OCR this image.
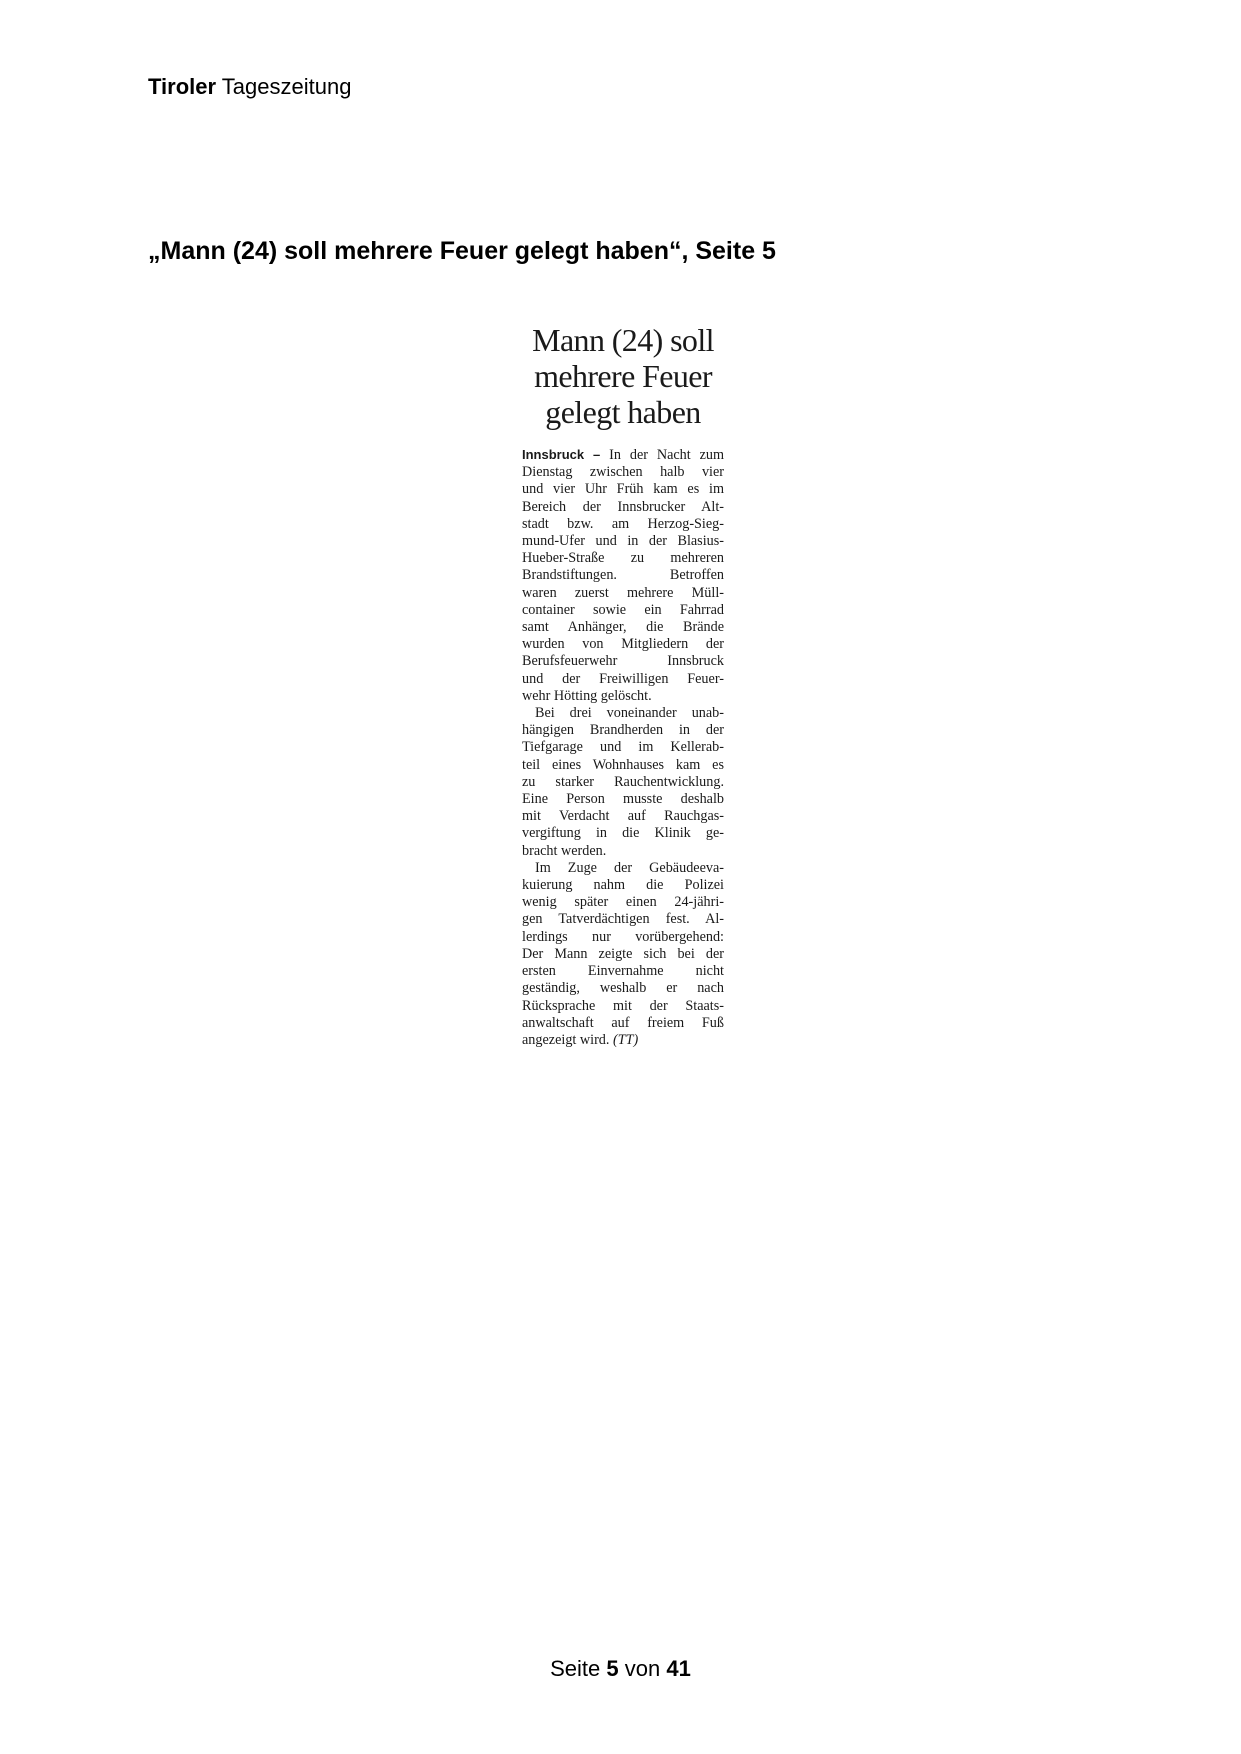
Tiroler Tageszeitung
„Mann (24) soll mehrere Feuer gelegt haben“, Seite 5
Mann (24) soll
mehrere Feuer
gelegt haben
Innsbruck – In der Nacht zum
Dienstag zwischen halb vier
und vier Uhr Früh kam es im
Bereich der Innsbrucker Alt-
stadt bzw. am Herzog-Sieg-
mund-Ufer und in der Blasius-
Hueber-Straße zu mehreren
Brandstiftungen. Betroffen
waren zuerst mehrere Müll-
container sowie ein Fahrrad
samt Anhänger, die Brände
wurden von Mitgliedern der
Berufsfeuerwehr Innsbruck
und der Freiwilligen Feuer-
wehr Hötting gelöscht.
Bei drei voneinander unab-
hängigen Brandherden in der
Tiefgarage und im Kellerab-
teil eines Wohnhauses kam es
zu starker Rauchentwicklung.
Eine Person musste deshalb
mit Verdacht auf Rauchgas-
vergiftung in die Klinik ge-
bracht werden.
Im Zuge der Gebäudeeva-
kuierung nahm die Polizei
wenig später einen 24-jähri-
gen Tatverdächtigen fest. Al-
lerdings nur vorübergehend:
Der Mann zeigte sich bei der
ersten Einvernahme nicht
geständig, weshalb er nach
Rücksprache mit der Staats-
anwaltschaft auf freiem Fuß
angezeigt wird. (TT)
Seite 5 von 41
